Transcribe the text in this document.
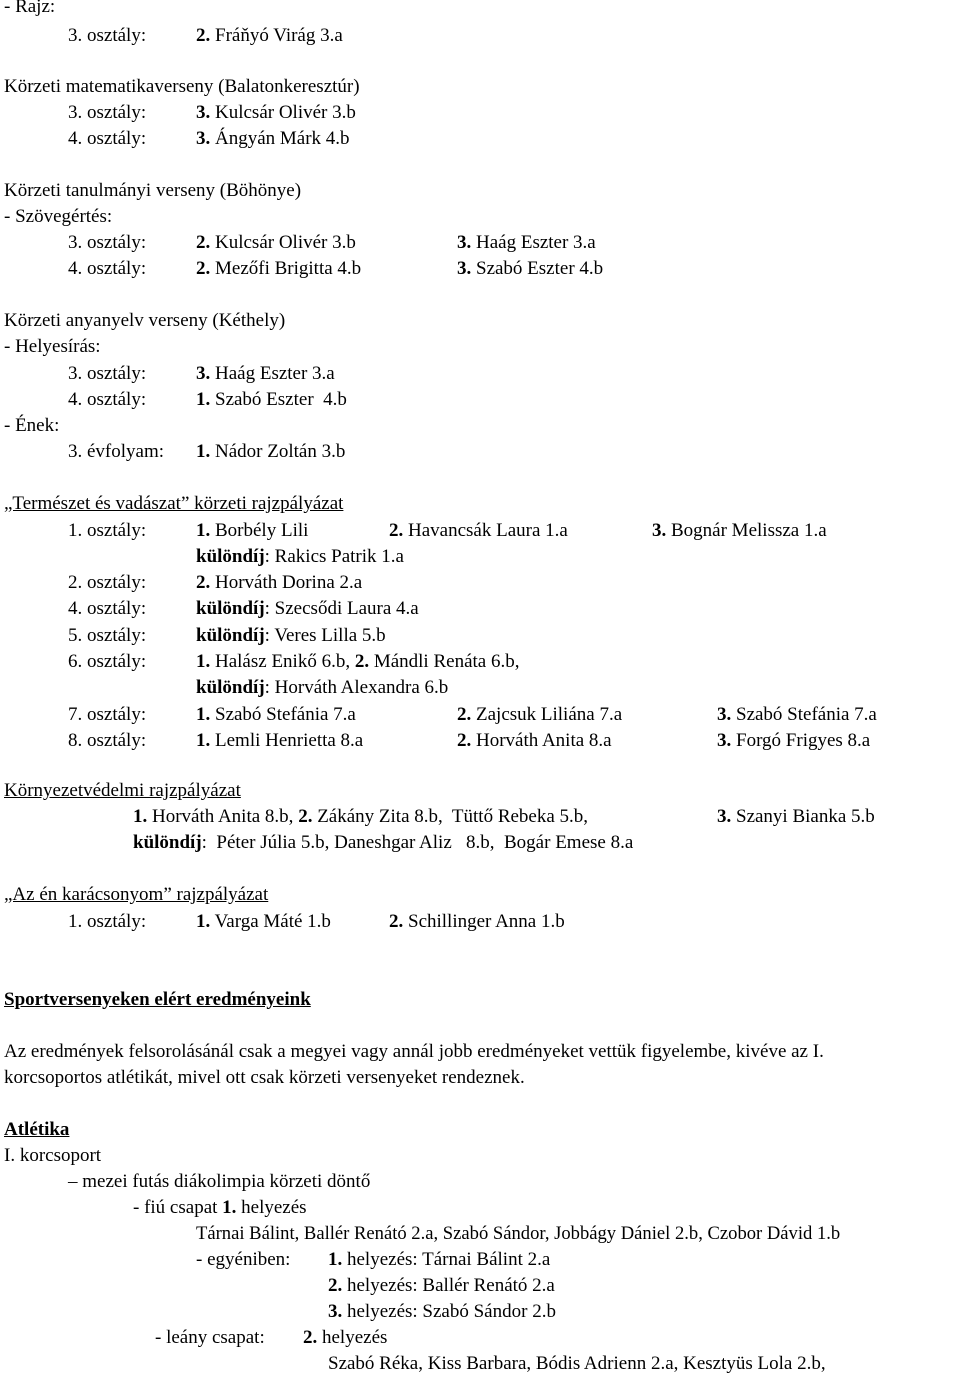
- Rajz:
3. osztály:	2. Fráňyó Virág 3.a
Körzeti matematikaverseny (Balatonkeresztúr)
3. osztály:	3. Kulcsár Olivér 3.b
4. osztály:	3. Ángyán Márk 4.b
Körzeti tanulmányi verseny (Böhönye)
- Szövegértés:
3. osztály:	2. Kulcsár Olivér 3.b	3. Haág Eszter 3.a
4. osztály:	2. Mezőfi Brigitta 4.b	3. Szabó Eszter 4.b
Körzeti anyanyelv verseny (Kéthely)
- Helyesírás:
3. osztály:	3. Haág Eszter 3.a
4. osztály:	1. Szabó Eszter  4.b
- Ének:
3. évfolyam: 1. Nádor Zoltán 3.b
„Természet és vadászat” körzeti rajzpályázat
1. osztály:	1. Borbély Lili	2. Havancsák Laura 1.a	3. Bognár Melissza 1.a
különdíj: Rakics Patrik 1.a
2. osztály:	2. Horváth Dorina 2.a
4. osztály:	különdíj: Szecsődi Laura 4.a
5. osztály:	különdíj: Veres Lilla 5.b
6. osztály:	1. Halász Enikő 6.b, 2. Mándli Renáta 6.b,
különdíj: Horváth Alexandra 6.b
7. osztály:	1. Szabó Stefánia 7.a	2. Zajcsuk Liliána 7.a	3. Szabó Stefánia 7.a
8. osztály:	1. Lemli Henrietta 8.a	2. Horváth Anita 8.a	3. Forgó Frigyes 8.a
Környezetvédelmi rajzpályázat
1. Horváth Anita 8.b, 2. Zákány Zita 8.b,  Tüttő Rebeka 5.b,	3. Szanyi Bianka 5.b
különdíj:  Péter Júlia 5.b, Daneshgar Aliz   8.b,  Bogár Emese 8.a
„Az én karácsonyom” rajzpályázat
1. osztály:	1. Varga Máté 1.b	2. Schillinger Anna 1.b
Sportversenyeken elért eredményeink
Az eredmények felsorolásánál csak a megyei vagy annál jobb eredményeket vettük figyelembe, kivéve az I.
korcsoportos atlétikát, mivel ott csak körzeti versenyeket rendeznek.
Atlétika
I. korcsoport
– mezei futás diákolimpia körzeti döntő
- fiú csapat 1. helyezés
Tárnai Bálint, Ballér Renátó 2.a, Szabó Sándor, Jobbágy Dániel 2.b, Czobor Dávid 1.b
- egyéniben: 1. helyezés: Tárnai Bálint 2.a
2. helyezés: Ballér Renátó 2.a
3. helyezés: Szabó Sándor 2.b
- leány csapat: 2. helyezés
Szabó Réka, Kiss Barbara, Bódis Adrienn 2.a, Kesztyüs Lola 2.b,
